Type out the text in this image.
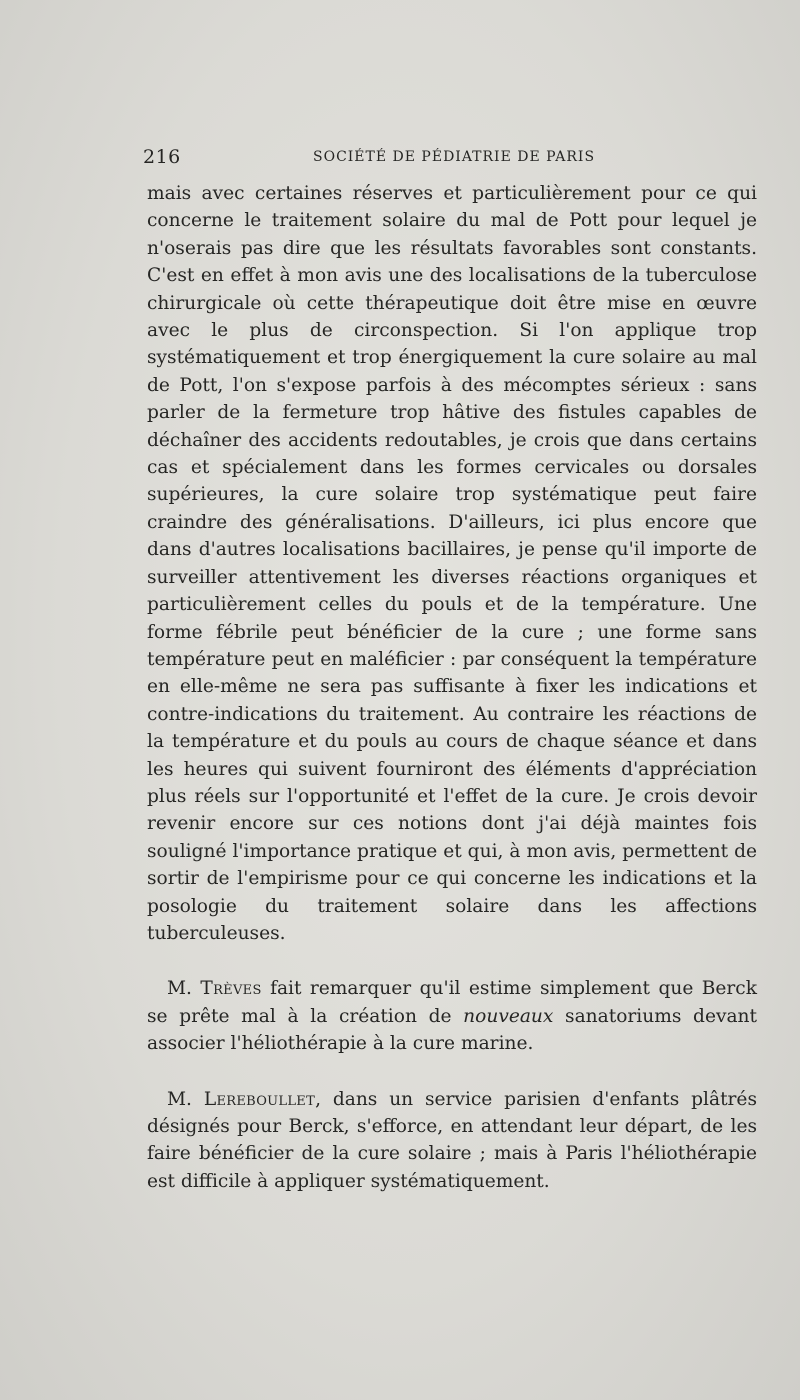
216	SOCIÉTÉ DE PÉDIATRIE DE PARIS

mais avec certaines réserves et particulièrement pour ce qui concerne le traitement solaire du mal de Pott pour lequel je n'oserais pas dire que les résultats favorables sont constants. C'est en effet à mon avis une des localisations de la tuberculose chirurgicale où cette thérapeutique doit être mise en œuvre avec le plus de circonspection. Si l'on applique trop systématiquement et trop énergiquement la cure solaire au mal de Pott, l'on s'expose parfois à des mécomptes sérieux : sans parler de la fermeture trop hâtive des fistules capables de déchaîner des accidents redoutables, je crois que dans certains cas et spécialement dans les formes cervicales ou dorsales supérieures, la cure solaire trop systématique peut faire craindre des généralisations. D'ailleurs, ici plus encore que dans d'autres localisations bacillaires, je pense qu'il importe de surveiller attentivement les diverses réactions organiques et particulièrement celles du pouls et de la température. Une forme fébrile peut bénéficier de la cure ; une forme sans température peut en maléficier : par conséquent la température en elle-même ne sera pas suffisante à fixer les indications et contre-indications du traitement. Au contraire les réactions de la température et du pouls au cours de chaque séance et dans les heures qui suivent fourniront des éléments d'appréciation plus réels sur l'opportunité et l'effet de la cure. Je crois devoir revenir encore sur ces notions dont j'ai déjà maintes fois souligné l'importance pratique et qui, à mon avis, permettent de sortir de l'empirisme pour ce qui concerne les indications et la posologie du traitement solaire dans les affections tuberculeuses.

M. Trèves fait remarquer qu'il estime simplement que Berck se prête mal à la création de nouveaux sanatoriums devant associer l'héliothérapie à la cure marine.

M. Lereboullet, dans un service parisien d'enfants plâtrés désignés pour Berck, s'efforce, en attendant leur départ, de les faire bénéficier de la cure solaire ; mais à Paris l'héliothérapie est difficile à appliquer systématiquement.
